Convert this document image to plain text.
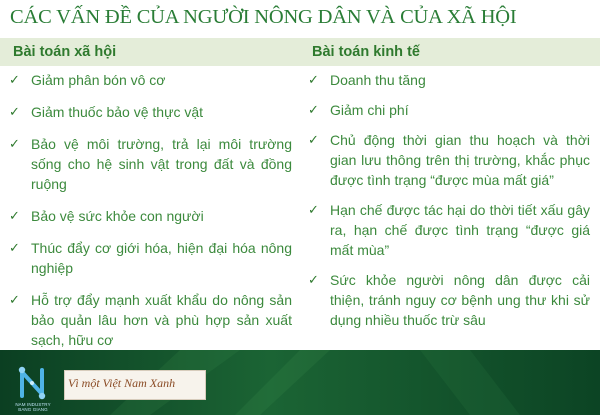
CÁC VẤN ĐỀ CỦA NGƯỜI NÔNG DÂN VÀ CỦA XÃ HỘI
Bài toán xã hội	Bài toán kinh tế
✓ Giảm phân bón vô cơ
✓ Giảm thuốc bảo vệ thực vật
✓ Bảo vệ môi trường, trả lại môi trường sống cho hệ sinh vật trong đất và đồng ruộng
✓ Bảo vệ sức khỏe con người
✓ Thúc đẩy cơ giới hóa, hiện đại hóa nông nghiệp
✓ Hỗ trợ đẩy mạnh xuất khẩu do nông sản bảo quản lâu hơn và phù hợp sản xuất sạch, hữu cơ
✓ Doanh thu tăng
✓ Giảm chi phí
✓ Chủ động thời gian thu hoạch và thời gian lưu thông trên thị trường, khắc phục được tình trạng “được mùa mất giá”
✓ Hạn chế được tác hại do thời tiết xấu gây ra, hạn chế được tình trạng “được giá mất mùa”
✓ Sức khỏe người nông dân được cải thiện, tránh nguy cơ bệnh ung thư khi sử dụng nhiều thuốc trừ sâu
NAM INDUSTRY BANG GIANG
Vì một Việt Nam Xanh
